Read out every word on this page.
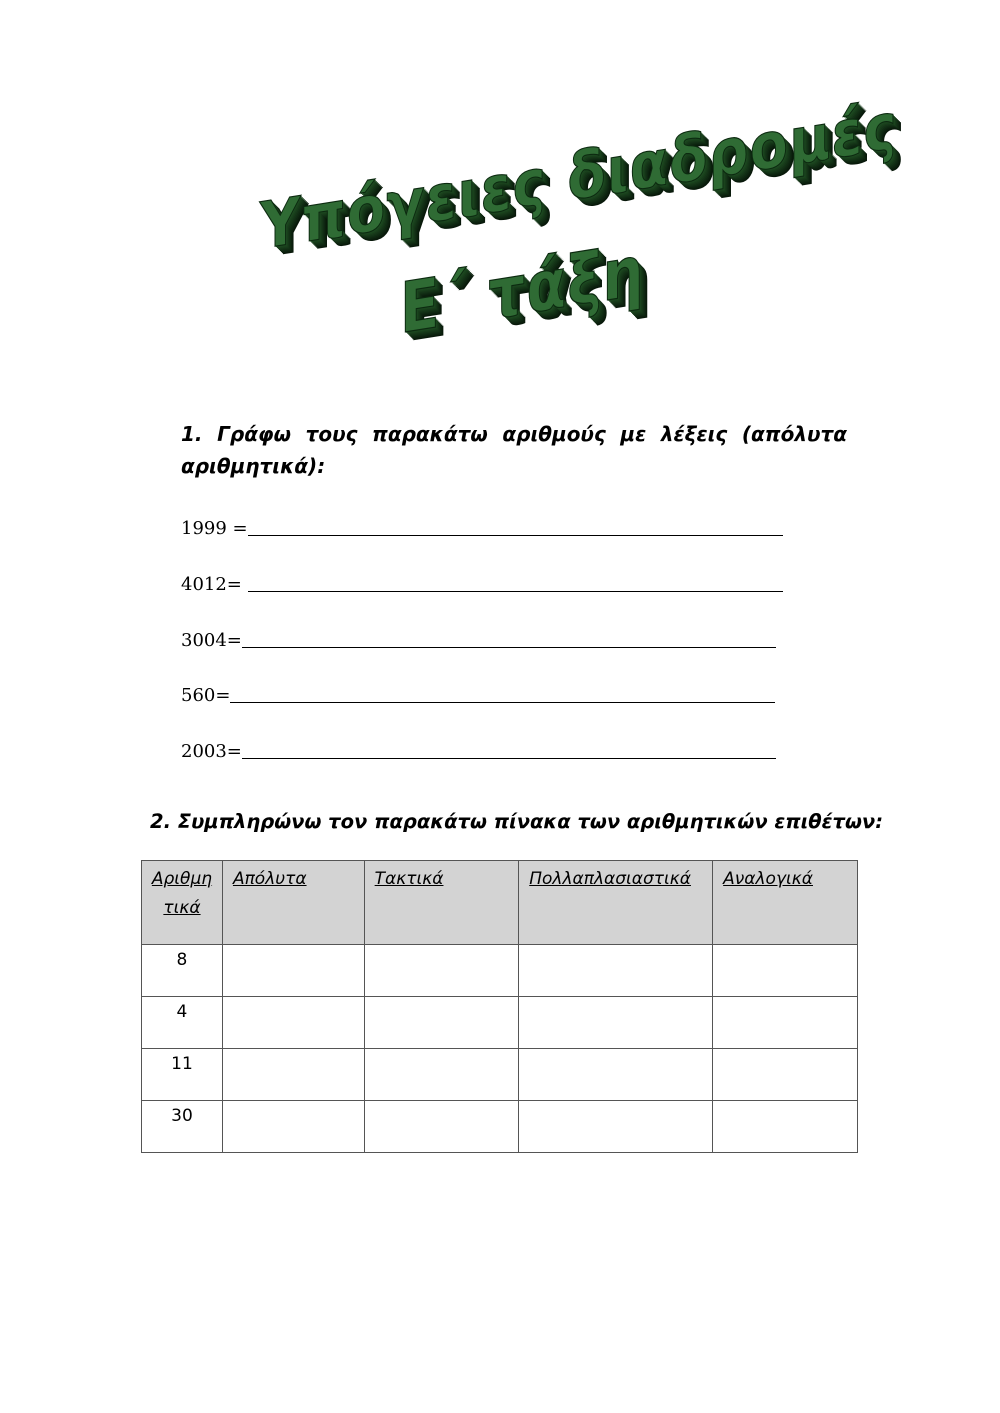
Υπόγειες διαδρομές
Ε΄ τάξη
1. Γράφω τους παρακάτω αριθμούς με λέξεις (απόλυτα αριθμητικά):
1999 =
4012=
3004=
560=
2003=
2. Συμπληρώνω τον παρακάτω πίνακα των αριθμητικών επιθέτων:
Αριθμη τικά	Απόλυτα	Τακτικά	Πολλαπλασιαστικά	Αναλογικά
8				
4				
11				
30				
